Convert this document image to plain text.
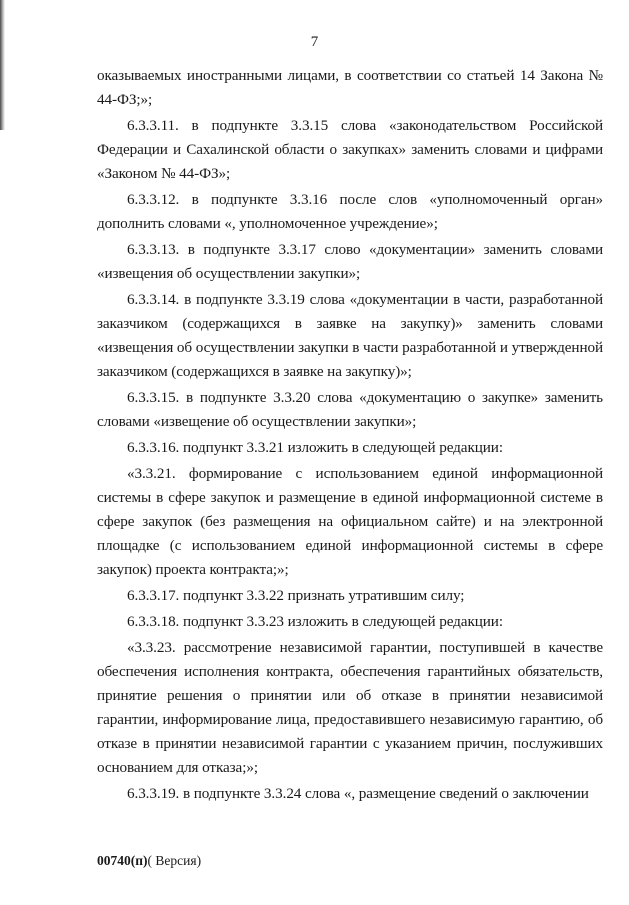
7

оказываемых иностранными лицами, в соответствии со статьей 14 Закона № 44-ФЗ;»;

6.3.3.11. в подпункте 3.3.15 слова «законодательством Российской Федерации и Сахалинской области о закупках» заменить словами и цифрами «Законом № 44-ФЗ»;

6.3.3.12. в подпункте 3.3.16 после слов «уполномоченный орган» дополнить словами «, уполномоченное учреждение»;

6.3.3.13. в подпункте 3.3.17 слово «документации» заменить словами «извещения об осуществлении закупки»;

6.3.3.14. в подпункте 3.3.19 слова «документации в части, разработанной заказчиком (содержащихся в заявке на закупку)» заменить словами «извещения об осуществлении закупки в части разработанной и утвержденной заказчиком (содержащихся в заявке на закупку)»;

6.3.3.15. в подпункте 3.3.20 слова «документацию о закупке» заменить словами «извещение об осуществлении закупки»;

6.3.3.16. подпункт 3.3.21 изложить в следующей редакции:

«3.3.21. формирование с использованием единой информационной системы в сфере закупок и размещение в единой информационной системе в сфере закупок (без размещения на официальном сайте) и на электронной площадке (с использованием единой информационной системы в сфере закупок) проекта контракта;»;

6.3.3.17. подпункт 3.3.22 признать утратившим силу;

6.3.3.18. подпункт 3.3.23 изложить в следующей редакции:

«3.3.23. рассмотрение независимой гарантии, поступившей в качестве обеспечения исполнения контракта, обеспечения гарантийных обязательств, принятие решения о принятии или об отказе в принятии независимой гарантии, информирование лица, предоставившего независимую гарантию, об отказе в принятии независимой гарантии с указанием причин, послуживших основанием для отказа;»;

6.3.3.19. в подпункте 3.3.24 слова «, размещение сведений о заключении

00740(п)( Версия)
